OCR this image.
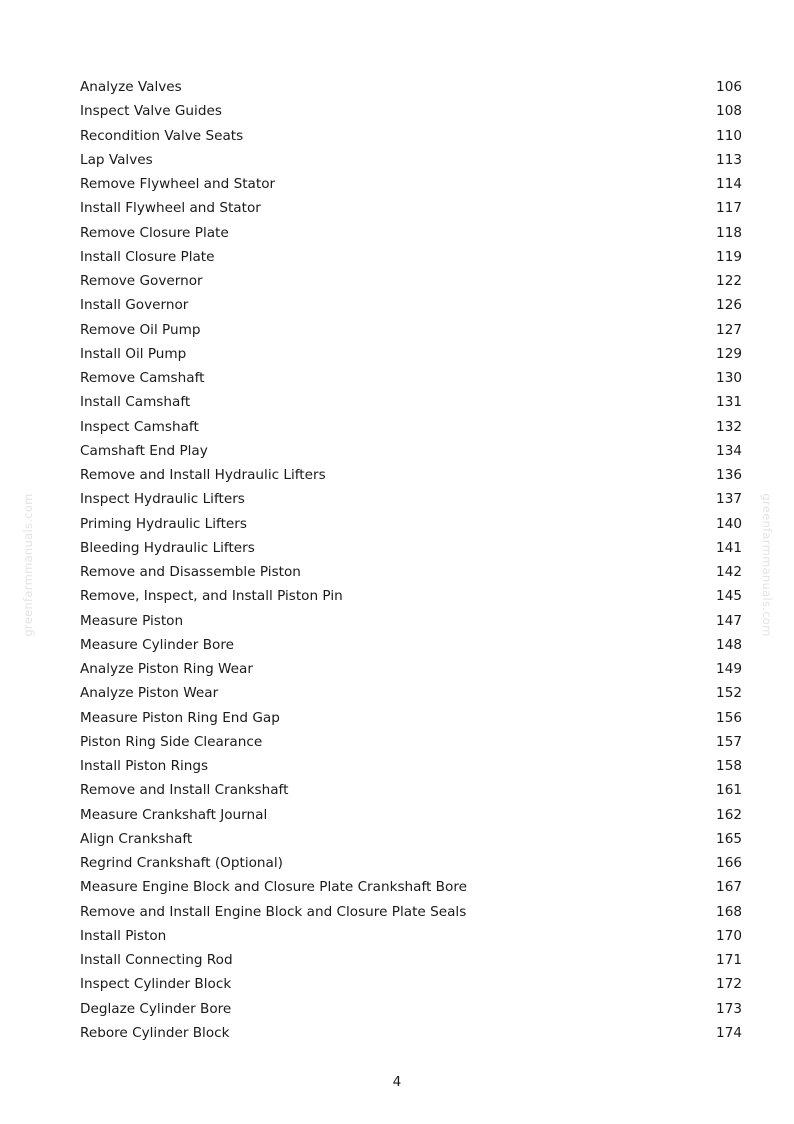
greenfarmmanuals.com	greenfarmmanuals.com
Analyze Valves	106
Inspect Valve Guides	108
Recondition Valve Seats	110
Lap Valves	113
Remove Flywheel and Stator	114
Install Flywheel and Stator	117
Remove Closure Plate	118
Install Closure Plate	119
Remove Governor	122
Install Governor	126
Remove Oil Pump	127
Install Oil Pump	129
Remove Camshaft	130
Install Camshaft	131
Inspect Camshaft	132
Camshaft End Play	134
Remove and Install Hydraulic Lifters	136
Inspect Hydraulic Lifters	137
Priming Hydraulic Lifters	140
Bleeding Hydraulic Lifters	141
Remove and Disassemble Piston	142
Remove, Inspect, and Install Piston Pin	145
Measure Piston	147
Measure Cylinder Bore	148
Analyze Piston Ring Wear	149
Analyze Piston Wear	152
Measure Piston Ring End Gap	156
Piston Ring Side Clearance	157
Install Piston Rings	158
Remove and Install Crankshaft	161
Measure Crankshaft Journal	162
Align Crankshaft	165
Regrind Crankshaft (Optional)	166
Measure Engine Block and Closure Plate Crankshaft Bore	167
Remove and Install Engine Block and Closure Plate Seals	168
Install Piston	170
Install Connecting Rod	171
Inspect Cylinder Block	172
Deglaze Cylinder Bore	173
Rebore Cylinder Block	174
4
